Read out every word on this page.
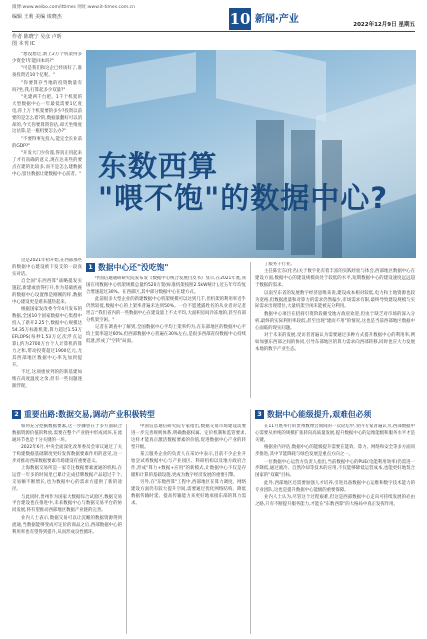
微博:www.weibo.com/ittimes 网址:www.it-times.com.cn
编辑 王莉 美编 谈晓杰	10 新闻·产业	2022年12月9日 星期五
作者 陈晓宁 吴彦 卢昕
图 本刊 IC

"想没想过,新上2万个机架得多少资金?年能回本吗?"

"可是我们和这企已经谈好了,准备投资近10个亿呢。"

"你要算存当地的投资数量有吗?坐,我,打算起多少双量?"

"先建两千台吧。1千个机架的大型数据中心一年最低需要1亿度电,你上万个机架要的多少?投资以前要的是怎么着?的,数据量翻好可以消却的,今天你要算资你估,却天坐维度这估算,是一瓶机要怎么办?"

"不要得事先投入,能完全长业前的GDP?"

"开发大门少价谨,得真正用起来了才有真确的意义,现在达来些的要点在建的比较多,而不是怎么建数据中心,留住数据让建数据中心前者。" 东数西算
"喂不饱"的数据中心?

这是2021年初开始,在西部那些的数据中心建设被下发支的一段真实对话。

自全国"东西西算"战略提发实施起,新建或放得打开,作为基础底座的数据中心设置像是刚刚的样,数据中心建设更是难来越热起来。

根据国家发改委今年4月发布的数据,全国10个国家数据中心集群中投入了新开2.25个,数据中心规模达54.35万标准机架,算力超过1.53万EFLOPS(每秒1.53万亿次浮点运算),约为2700万台个人计算机的算力之和,带动投资超过1900亿元,尤其西部地区数据中心率先加到提升。

不过,这项重放列的的新基建如维在高度温度之余,但有一些问题逐渐浮现。

1 数据中心还"没吃饱"

中国信通通研研究院发布发《数据中心统合发展白皮书》显示,在2021年底,我国在用数据中心机架规模总量约520万架(标准机架按照2.5kW统计),近五年年均复合增速超过30%。在西部区,其中部分数据中心在建方式。

此前很多大型企业的新建数据中心机架规模可以达到几千,但机架的利用率近乎仍然较低,数据中心的上架率普遍未达到50%。一位不愿透露姓名的从业者对记者坦言:"我们省内的一些数据中心在建设量上不太平均,大面积房间冷冻地的,甚至有部分机架空闲。"

记者在调查中了解到,全国数据中心平均上架率约为,在东部地区的数据中心平均上架率超过60%,但西部数据中心普遍在30%左右,是很多西部省份数据中心持续低迷,形成了"空转"局面。

了服务千行业。

主任陈宏东(化名)关于数字化有着丰富的实践经验与体会,西部地区数据中心在建设方面,数据中心的建设规模尚处于较低的水平,短期数据中心的建设速度远远超于数据的需求。

以南至东省的发展数字经济思维来说,建设成本相对较低,电力和土地资源也较为宽裕,但数据流量和对算力的需求仍然偏少,市场需求有限,最终导致建设规模与实际需求出现错位,大量机架空闲未能被充分利用。

数据中心项目在招商引资阶段颇受地方政府欢迎,但由于缺乏对市场的深入分析,最终的实际利用率较低,甚至出现"建而不用"的情况,这也是当前西部地区数据中心面临的现实问题。

对于未来的发展,受访者普遍认为需要通过多种方式提升数据中心的利用率,例如加强东西部之间的协同,引导东部地区的算力需求向西部转移,同时也应大力发展本地的数字产业生态。

2 重要出路:数据交易,调动产业积极转型

如何充分挖掘数据要素,这一步骤曾在于多方面联合数据资源价值的释放,需要在整个产业链中形成闭环,在流通环节也是十分关键的一环。

2022年6月,中央全面深化改革委员会审议通过了关于构建数据基础制度更好发挥数据要素作用的意见,这一步对推动西部数据要素市场建设有重要意义。

上海数据交易所是一家专注数据要素流通的机构,在运营一年多的时间里已累计完成挂牌数据产品超过千个,交易额不断增长,也为数据中心的需求方提供了新的途径。

与此同时,贵州作为国家大数据综合试验区,数据交易平台建设也在推进中,未来数据中心与数据交易平台的协同发展,将有望推动西部地区数据产业链的完善。

业内人士表示,数据交易可以让沉睡的数据资源得到流通,当数据能够变成可定价的商品之后,西部数据中心的利用率也有望得到提升,从而形成良性循环。

中国信息通信研究院专家指出,数据交易市场建设需要进一步完善规则体系,明确数据权属、定价机制和监管要求,这样才能真正激活数据要素的价值,促进数据中心产业的转型升级。

某云服务企业的负责人在采访中表示,目前不少企业开始尝试将数据中心与产业园区、科研机构以及地方政府合作,形成"算力+数据+应用"的新模式,让数据中心不仅是存储和计算的基础设施,更成为数字经济发展的重要引擎。

另外,在"东数西算"工程中,西部地区在算力调度、网络建设方面仍有较大提升空间,需要通过优化网络结构、降低数据传输时延、提高传输能力来更好地承接东部的算力需求。

3 数据中心能级提升,艰难但必须

在11月底举行的贵州数博会期间的一次论坛中,业内专家普遍认为,西部数据中心需要从单纯的规模扩张转向高质量发展,提升数据中心的运维能级和服务水平才是关键。

根据业内评估,数据中心的能级提升需要在能效、算力、网络和安全等多方面同步推进,其中节能降耗与绿色发展是重点方向之一。

一位数据中心运营方负责人指出,当前数据中心的PUE(电能利用效率)仍需进一步降低,通过液冷、自然冷却等技术的应用,不仅能够降低运营成本,也能更好地契合国家的"双碳"目标。

此外,西部地区还需要加强人才培养,引进具备数据中心运维和数字技术能力的专业团队,这也是提升数据中心能级的重要保障。

业内人士认为,尽管这个过程艰难,但这是西部数据中心走向可持续发展的必由之路,只有不断提升服务能力,才能在"东数西算"的大格局中真正发挥作用。
